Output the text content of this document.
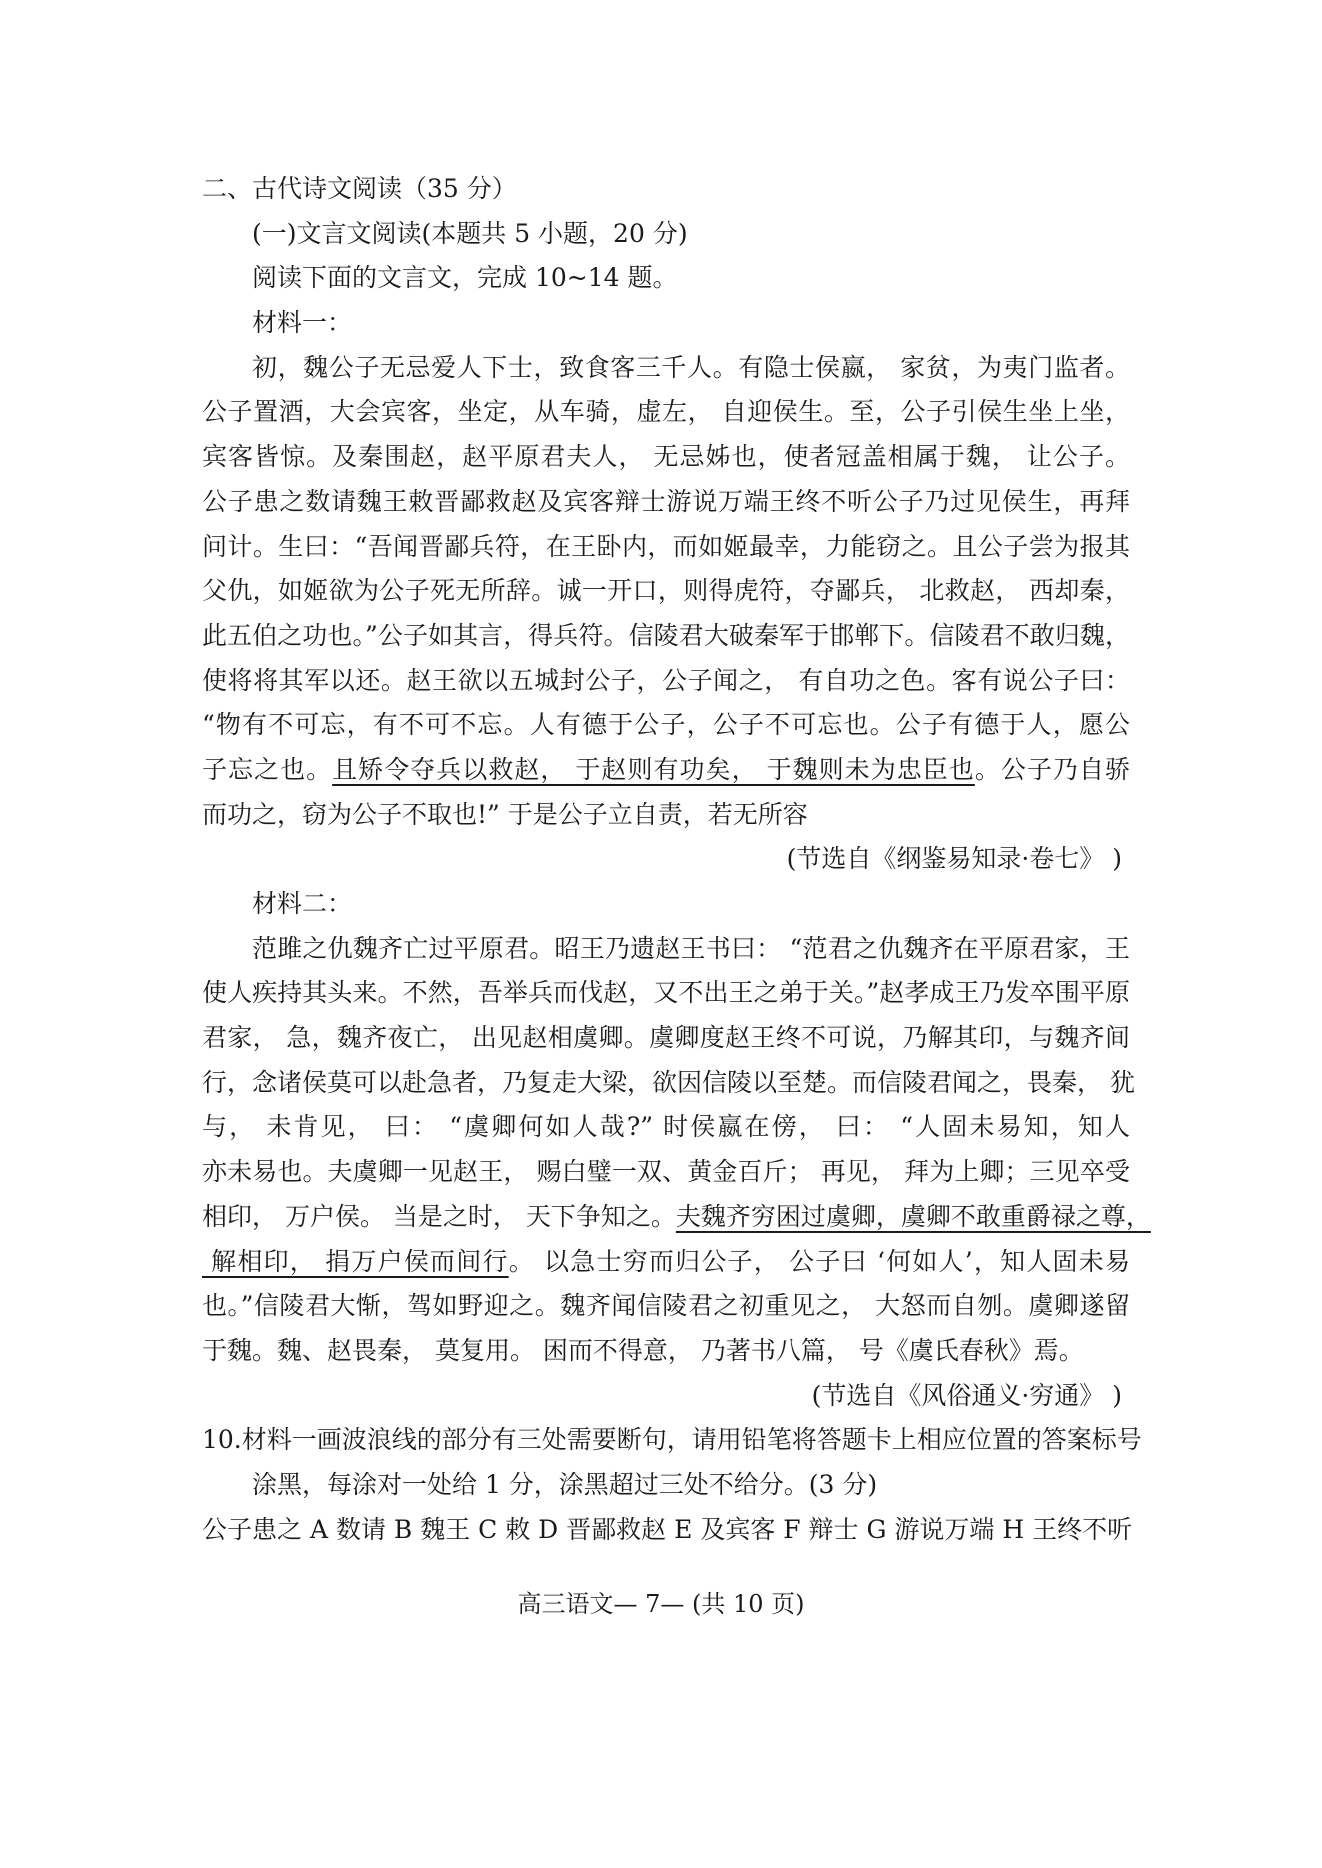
二、古代诗文阅读（35 分）
(一)文言文阅读(本题共 5 小题，20 分)
阅读下面的文言文，完成 10~14 题。
材料一：
初，魏公子无忌爱人下士，致食客三千人。有隐士侯嬴， 家贫，为夷门监者。
公子置酒，大会宾客，坐定，从车骑，虚左， 自迎侯生。至，公子引侯生坐上坐，
宾客皆惊。及秦围赵，赵平原君夫人， 无忌姊也，使者冠盖相属于魏， 让公子。
公子患之数请魏王敕晋鄙救赵及宾客辩士游说万端王终不听公子乃过见侯生，再拜
问计。生曰：“吾闻晋鄙兵符，在王卧内，而如姬最幸，力能窃之。且公子尝为报其
父仇，如姬欲为公子死无所辞。诚一开口，则得虎符，夺鄙兵， 北救赵， 西却秦，
此五伯之功也。”公子如其言，得兵符。信陵君大破秦军于邯郸下。信陵君不敢归魏，
使将将其军以还。赵王欲以五城封公子，公子闻之， 有自功之色。客有说公子曰：
“物有不可忘，有不可不忘。人有德于公子，公子不可忘也。公子有德于人，愿公
子忘之也。且矫令夺兵以救赵， 于赵则有功矣， 于魏则未为忠臣也。公子乃自骄
而功之，窃为公子不取也!” 于是公子立自责，若无所容
(节选自《纲鉴易知录·卷七》 )
材料二：
范雎之仇魏齐亡过平原君。昭王乃遗赵王书曰： “范君之仇魏齐在平原君家，王
使人疾持其头来。不然，吾举兵而伐赵，又不出王之弟于关。”赵孝成王乃发卒围平原
君家， 急，魏齐夜亡， 出见赵相虞卿。虞卿度赵王终不可说，乃解其印，与魏齐间
行，念诸侯莫可以赴急者，乃复走大梁，欲因信陵以至楚。而信陵君闻之，畏秦， 犹
与， 未肯见， 曰： “虞卿何如人哉?” 时侯嬴在傍， 曰： “人固未易知，知人
亦未易也。夫虞卿一见赵王， 赐白璧一双、黄金百斤； 再见， 拜为上卿；三见卒受
相印， 万户侯。 当是之时， 天下争知之。夫魏齐穷困过虞卿，虞卿不敢重爵禄之尊，
解相印， 捐万户侯而间行。 以急士穷而归公子， 公子曰 ‘何如人’，知人固未易
也。”信陵君大惭，驾如野迎之。魏齐闻信陵君之初重见之， 大怒而自刎。虞卿遂留
于魏。魏、赵畏秦， 莫复用。 困而不得意， 乃著书八篇， 号《虞氏春秋》焉。
(节选自《风俗通义·穷通》 )
10.材料一画波浪线的部分有三处需要断句，请用铅笔将答题卡上相应位置的答案标号
涂黑，每涂对一处给 1 分，涂黑超过三处不给分。(3 分)
公子患之 A 数请 B 魏王 C 敕 D 晋鄙救赵 E 及宾客 F 辩士 G 游说万端 H 王终不听
高三语文— 7— (共 10 页)
